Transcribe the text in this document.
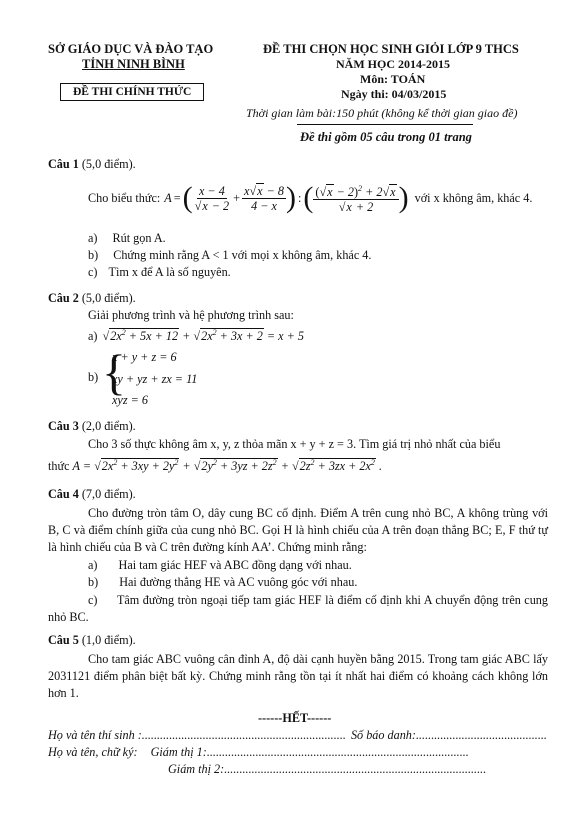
SỞ GIÁO DỤC VÀ ĐÀO TẠO
TỈNH NINH BÌNH
ĐỀ THI CHÍNH THỨC
ĐỀ THI CHỌN HỌC SINH GIỎI LỚP 9 THCS
NĂM HỌC 2014-2015
Môn: TOÁN
Ngày thi: 04/03/2015
Thời gian làm bài:150 phút (không kể thời gian giao đề)
Đề thi gồm 05 câu trong 01 trang
Câu 1 (5,0 điểm).
Cho biểu thức: A = ( $\frac{x - 4}{√x - 2} + \frac{x√x - 8}{4 - x}$ ) : ( $\frac{(√x - 2)^2 + 2√x}{√x + 2}$ ) với x không âm, khác 4.
a) Rút gọn A.
b) Chứng minh rằng A < 1 với mọi x không âm, khác 4.
c) Tìm x để A là số nguyên.
Câu 2 (5,0 điểm).
Giải phương trình và hệ phương trình sau:
a) $√2x^2 + 5x + 12 + √2x^2 + 3x + 2 = x + 5$
b) {
x + y + z = 6
xy + yz + zx = 11
xyz = 6
Câu 3 (2,0 điểm).
Cho 3 số thực không âm x, y, z thỏa mãn x + y + z = 3. Tìm giá trị nhỏ nhất của biểu
thức $A = √2x^2 + 3xy + 2y^2 + √2y^2 + 3yz + 2z^2 + √2z^2 + 3zx + 2x^2$ .
Câu 4 (7,0 điểm).
Cho đường tròn tâm O, dây cung BC cố định. Điểm A trên cung nhỏ BC, A không trùng với B, C và điểm chính giữa của cung nhỏ BC. Gọi H là hình chiếu của A trên đoạn thẳng BC; E, F thứ tự là hình chiếu của B và C trên đường kính AA’. Chứng minh rằng:
a) Hai tam giác HEF và ABC đồng dạng với nhau.
b) Hai đường thẳng HE và AC vuông góc với nhau.
c) Tâm đường tròn ngoại tiếp tam giác HEF là điểm cố định khi A chuyển động trên cung nhỏ BC.
Câu 5 (1,0 điểm).
Cho tam giác ABC vuông cân đỉnh A, độ dài cạnh huyền bằng 2015. Trong tam giác ABC lấy 2031121 điểm phân biệt bất kỳ. Chứng minh rằng tồn tại ít nhất hai điểm có khoảng cách không lớn hơn 1.
------HẾT------
Họ và tên thí sinh :................................................................... Số báo danh:...........................................
Họ và tên, chữ ký: Giám thị 1:......................................................................................
Giám thị 2:......................................................................................
